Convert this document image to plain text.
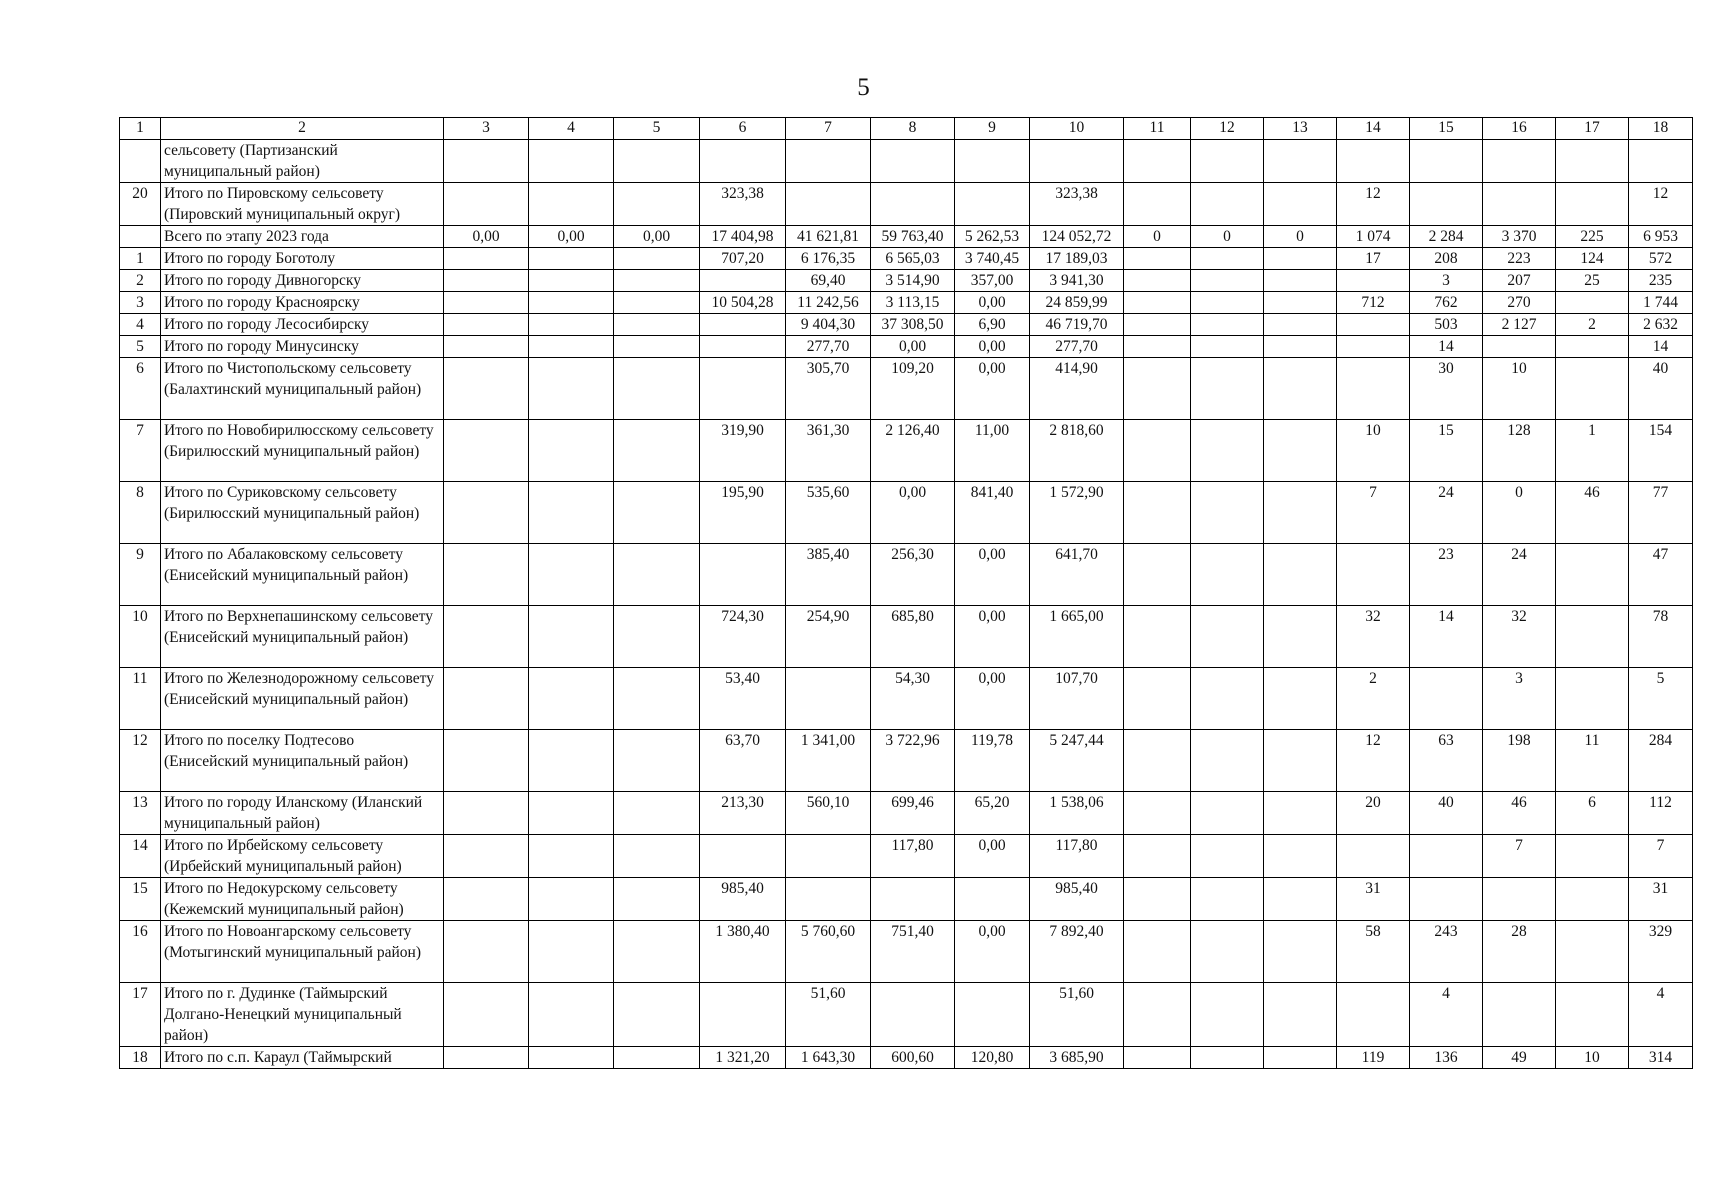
5
1	2	3	4	5	6	7	8	9	10	11	12	13	14	15	16	17	18
	сельсовету (Партизанский муниципальный район)																
20	Итого по Пировскому сельсовету (Пировский муниципальный округ)				323,38				323,38				12				12
	Всего по этапу 2023 года	0,00	0,00	0,00	17 404,98	41 621,81	59 763,40	5 262,53	124 052,72	0	0	0	1 074	2 284	3 370	225	6 953
1	Итого по городу Боготолу				707,20	6 176,35	6 565,03	3 740,45	17 189,03				17	208	223	124	572
2	Итого по городу Дивногорску					69,40	3 514,90	357,00	3 941,30					3	207	25	235
3	Итого по городу Красноярску				10 504,28	11 242,56	3 113,15	0,00	24 859,99				712	762	270		1 744
4	Итого по городу Лесосибирску					9 404,30	37 308,50	6,90	46 719,70					503	2 127	2	2 632
5	Итого по городу Минусинску					277,70	0,00	0,00	277,70					14			14
6	Итого по Чистопольскому сельсовету (Балахтинский муниципальный район)					305,70	109,20	0,00	414,90					30	10		40
7	Итого по Новобирилюсскому сельсовету (Бирилюсский муниципальный район)				319,90	361,30	2 126,40	11,00	2 818,60				10	15	128	1	154
8	Итого по Суриковскому сельсовету (Бирилюсский муниципальный район)				195,90	535,60	0,00	841,40	1 572,90				7	24	0	46	77
9	Итого по Абалаковскому сельсовету (Енисейский муниципальный район)					385,40	256,30	0,00	641,70					23	24		47
10	Итого по Верхнепашинскому сельсовету (Енисейский муниципальный район)				724,30	254,90	685,80	0,00	1 665,00				32	14	32		78
11	Итого по Железнодорожному сельсовету (Енисейский муниципальный район)				53,40		54,30	0,00	107,70				2		3		5
12	Итого по поселку Подтесово (Енисейский муниципальный район)				63,70	1 341,00	3 722,96	119,78	5 247,44				12	63	198	11	284
13	Итого по городу Иланскому (Иланский муниципальный район)				213,30	560,10	699,46	65,20	1 538,06				20	40	46	6	112
14	Итого по Ирбейскому сельсовету (Ирбейский муниципальный район)						117,80	0,00	117,80						7		7
15	Итого по Недокурскому сельсовету (Кежемский муниципальный район)				985,40				985,40				31				31
16	Итого по Новоангарскому сельсовету (Мотыгинский муниципальный район)				1 380,40	5 760,60	751,40	0,00	7 892,40				58	243	28		329
17	Итого по г. Дудинке (Таймырский Долгано-Ненецкий муниципальный район)					51,60			51,60					4			4
18	Итого по с.п. Караул (Таймырский				1 321,20	1 643,30	600,60	120,80	3 685,90				119	136	49	10	314
